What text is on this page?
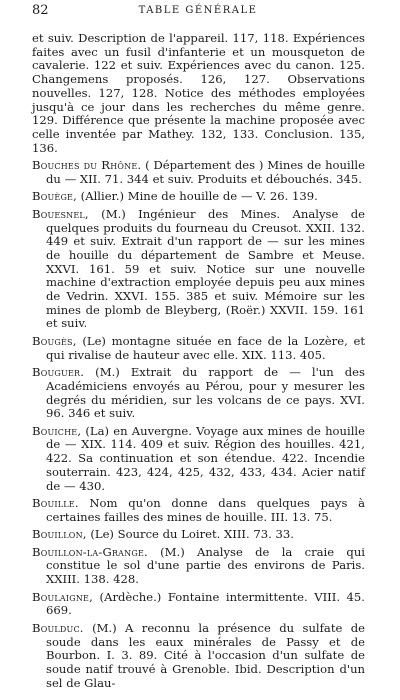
82	TABLE GÉNÉRALE

et suiv. Description de l'appareil. 117, 118. Expériences faites avec un fusil d'infanterie et un mousqueton de cavalerie. 122 et suiv. Expériences avec du canon. 125. Changemens proposés. 126, 127. Observations nouvelles. 127, 128. Notice des méthodes employées jusqu'à ce jour dans les recherches du même genre. 129. Différence que présente la machine proposée avec celle inventée par Mathey. 132, 133. Conclusion. 135, 136.

Bouches du Rhône. ( Département des ) Mines de houille du — XII. 71. 344 et suiv. Produits et débouchés. 345.

Bouège, (Allier.) Mine de houille de — V. 26. 139.

Bouesnel, (M.) Ingénieur des Mines. Analyse de quelques produits du fourneau du Creusot. XXII. 132. 449 et suiv. Extrait d'un rapport de — sur les mines de houille du département de Sambre et Meuse. XXVI. 161. 59 et suiv. Notice sur une nouvelle machine d'extraction employée depuis peu aux mines de Vedrin. XXVI. 155. 385 et suiv. Mémoire sur les mines de plomb de Bleyberg, (Roër.) XXVII. 159. 161 et suiv.

Bougès, (Le) montagne située en face de la Lozère, et qui rivalise de hauteur avec elle. XIX. 113. 405.

Bouguer. (M.) Extrait du rapport de — l'un des Académiciens envoyés au Pérou, pour y mesurer les degrés du méridien, sur les volcans de ce pays. XVI. 96. 346 et suiv.

Bouiche, (La) en Auvergne. Voyage aux mines de houille de — XIX. 114. 409 et suiv. Région des houilles. 421, 422. Sa continuation et son étendue. 422. Incendie souterrain. 423, 424, 425, 432, 433, 434. Acier natif de — 430.

Bouille. Nom qu'on donne dans quelques pays à certaines failles des mines de houille. III. 13. 75.

Bouillon, (Le) Source du Loiret. XIII. 73. 33.

Bouillon-la-Grange. (M.) Analyse de la craie qui constitue le sol d'une partie des environs de Paris. XXIII. 138. 428.

Boulaigne, (Ardèche.) Fontaine intermittente. VIII. 45. 669.

Boulduc. (M.) A reconnu la présence du sulfate de soude dans les eaux minérales de Passy et de Bourbon. I. 3. 89. Cité à l'occasion d'un sulfate de soude natif trouvé à Grenoble. Ibid. Description d'un sel de Glau-
